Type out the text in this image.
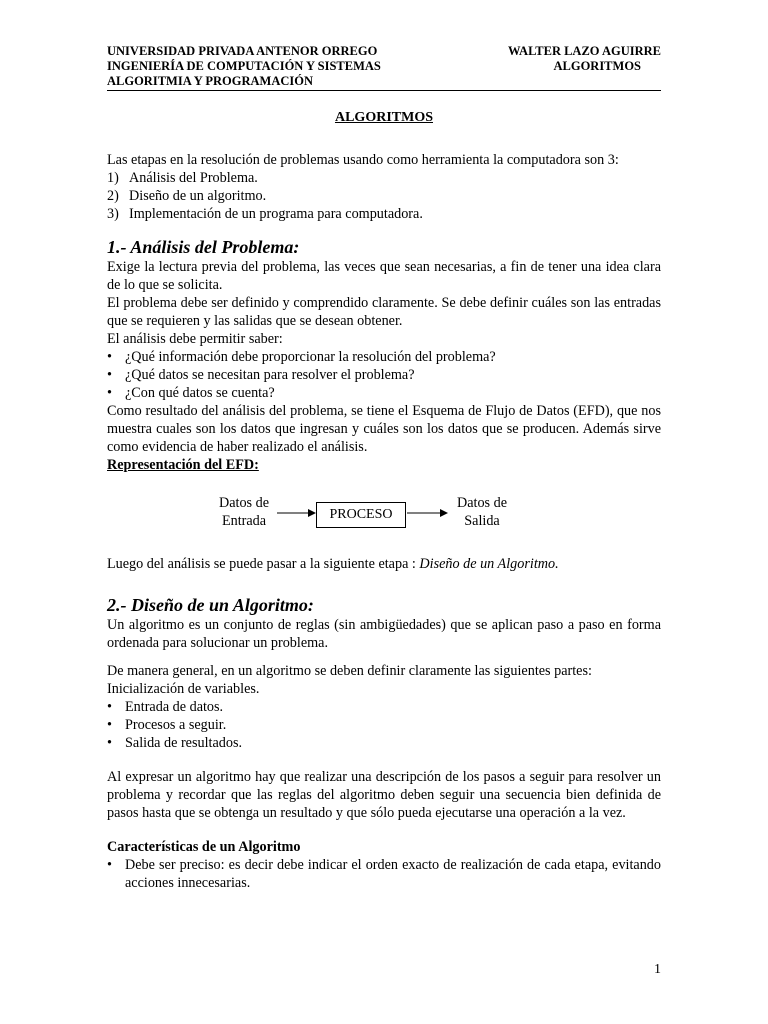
UNIVERSIDAD PRIVADA ANTENOR ORREGO
INGENIERÍA DE COMPUTACIÓN Y SISTEMAS
ALGORITMIA Y PROGRAMACIÓN
WALTER LAZO AGUIRRE
ALGORITMOS
ALGORITMOS
Las etapas en la resolución de problemas usando como herramienta la computadora son 3:
1) Análisis del Problema.
2) Diseño de un algoritmo.
3) Implementación de un programa para computadora.
1.- Análisis del Problema:
Exige la lectura previa del problema, las veces que sean necesarias, a fin de tener una idea clara de lo que se solicita.
El problema debe ser definido y comprendido claramente. Se debe definir cuáles son las entradas que se requieren y las salidas que se desean obtener.
El análisis debe permitir saber:
• ¿Qué información debe proporcionar la resolución del problema?
• ¿Qué datos se necesitan para resolver el problema?
• ¿Con qué datos se cuenta?
Como resultado del análisis del problema, se tiene el Esquema de Flujo de Datos (EFD), que nos muestra cuales son los datos que ingresan y cuáles son los datos que se producen. Además sirve como evidencia de haber realizado el análisis.
Representación del EFD:
Datos de
Entrada	PROCESO
Datos de
Salida
Luego del análisis se puede pasar a la siguiente etapa : Diseño de un Algoritmo.
2.- Diseño de un Algoritmo:
Un algoritmo es un conjunto de reglas (sin ambigüedades) que se aplican paso a paso en forma ordenada para solucionar un problema.
De manera general, en un algoritmo se deben definir claramente las siguientes partes:
Inicialización de variables.
• Entrada de datos.
• Procesos a seguir.
• Salida de resultados.
Al expresar un algoritmo hay que realizar una descripción de los pasos a seguir para resolver un problema y recordar que las reglas del algoritmo deben seguir una secuencia bien definida de pasos hasta que se obtenga un resultado y que sólo pueda ejecutarse una operación a la vez.
Características de un Algoritmo
• Debe ser preciso: es decir debe indicar el orden exacto de realización de cada etapa, evitando acciones innecesarias.
1
